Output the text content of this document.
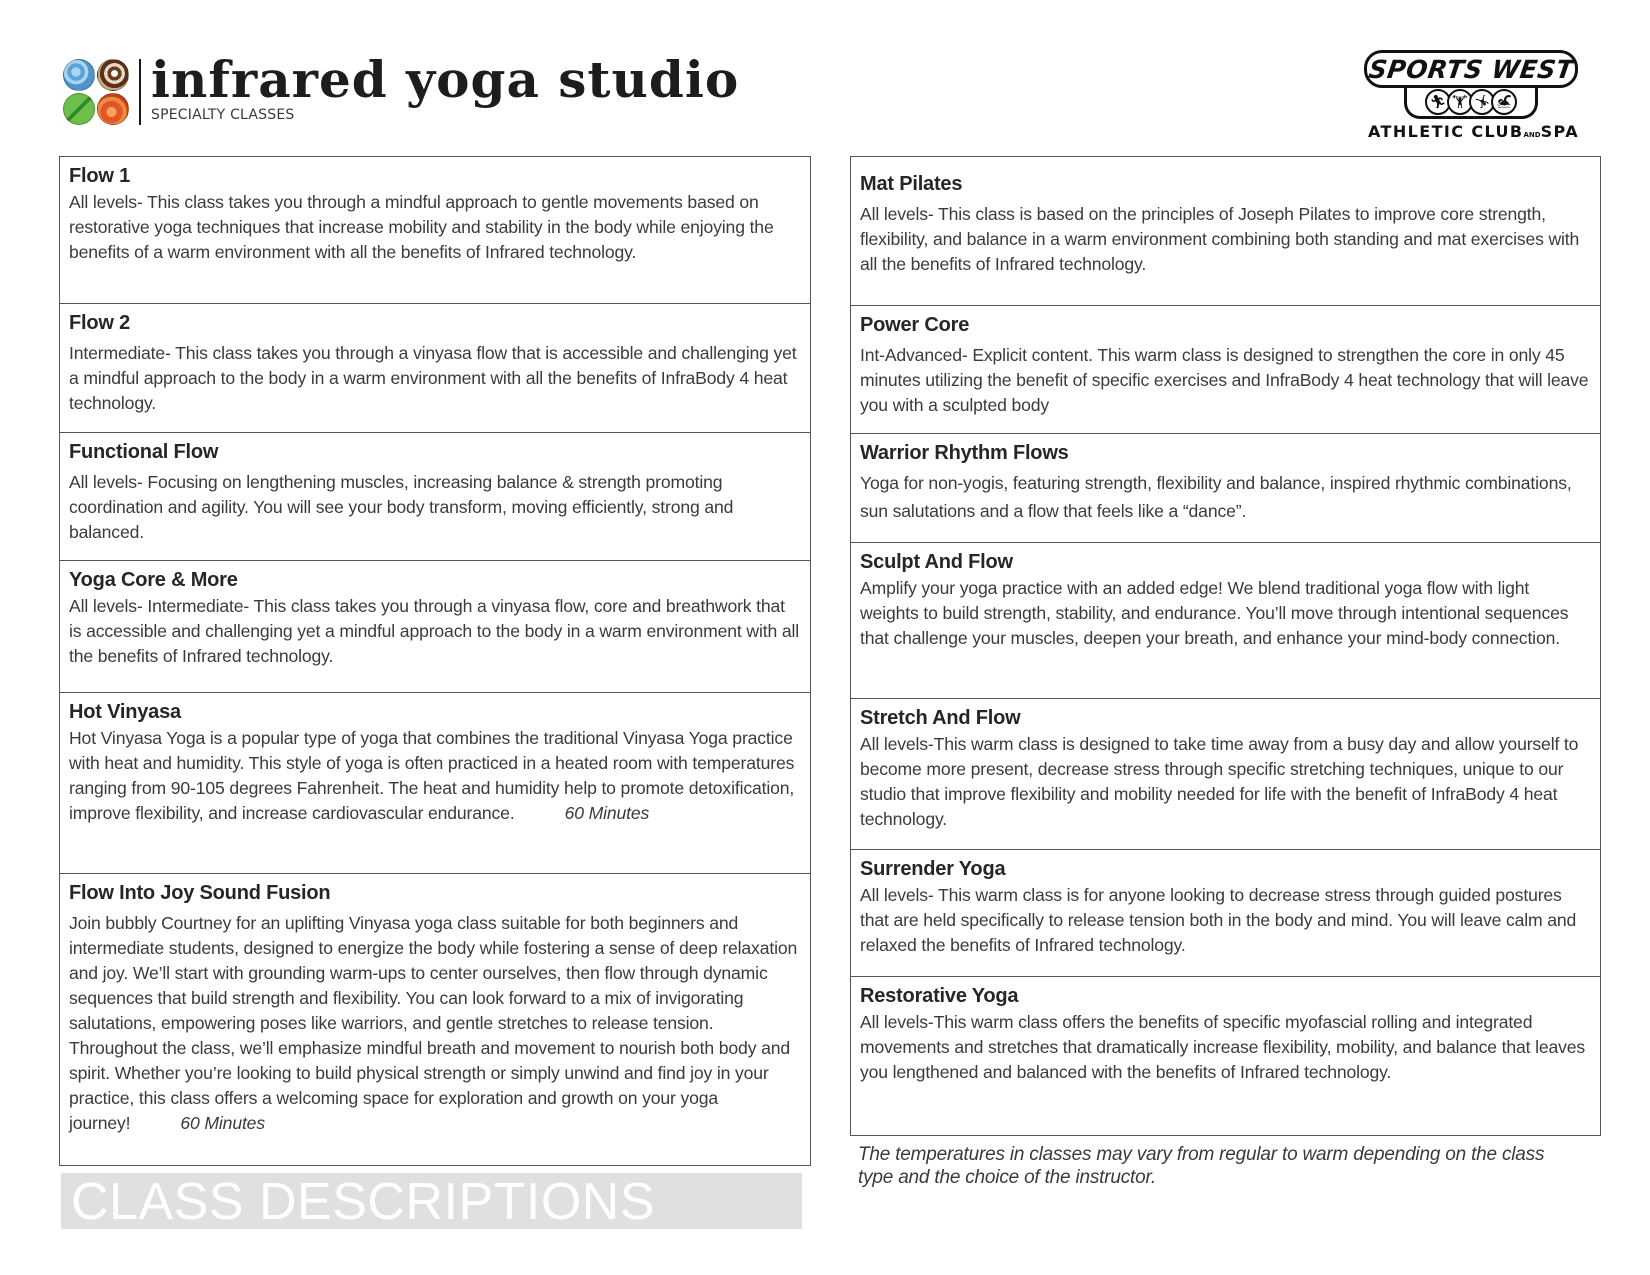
infrared yoga studio
SPECIALTY CLASSES
SPORTS WEST
🏃︎ 🏋︎ 🤸︎ 🏊︎
ATHLETIC CLUBANDSPA
Flow 1
All levels- This class takes you through a mindful approach to gentle movements based on restorative yoga techniques that increase mobility and stability in the body while enjoying the benefits of a warm environment with all the benefits of Infrared technology.
Flow 2
Intermediate- This class takes you through a vinyasa flow that is accessible and challenging yet a mindful approach to the body in a warm environment with all the benefits of InfraBody 4 heat technology.
Functional Flow
All levels- Focusing on lengthening muscles, increasing balance & strength promoting coordination and agility. You will see your body transform, moving efficiently, strong and balanced.
Yoga Core & More
All levels- Intermediate- This class takes you through a vinyasa flow, core and breathwork that is accessible and challenging yet a mindful approach to the body in a warm environment with all the benefits of Infrared technology.
Hot Vinyasa
Hot Vinyasa Yoga is a popular type of yoga that combines the traditional Vinyasa Yoga practice with heat and humidity. This style of yoga is often practiced in a heated room with temperatures ranging from 90-105 degrees Fahrenheit. The heat and humidity help to promote detoxification, improve flexibility, and increase cardiovascular endurance.	60 Minutes
Flow Into Joy Sound Fusion
Join bubbly Courtney for an uplifting Vinyasa yoga class suitable for both beginners and intermediate students, designed to energize the body while fostering a sense of deep relaxation and joy. We’ll start with grounding warm-ups to center ourselves, then flow through dynamic sequences that build strength and flexibility. You can look forward to a mix of invigorating salutations, empowering poses like warriors, and gentle stretches to release tension. Throughout the class, we’ll emphasize mindful breath and movement to nourish both body and spirit. Whether you’re looking to build physical strength or simply unwind and find joy in your practice, this class offers a welcoming space for exploration and growth on your yoga journey!	60 Minutes
Mat Pilates
All levels- This class is based on the principles of Joseph Pilates to improve core strength, flexibility, and balance in a warm environment combining both standing and mat exercises with all the benefits of Infrared technology.
Power Core
Int-Advanced- Explicit content. This warm class is designed to strengthen the core in only 45 minutes utilizing the benefit of specific exercises and InfraBody 4 heat technology that will leave you with a sculpted body
Warrior Rhythm Flows
Yoga for non-yogis, featuring strength, flexibility and balance, inspired rhythmic combinations, sun salutations and a flow that feels like a “dance”.
Sculpt And Flow
Amplify your yoga practice with an added edge! We blend traditional yoga flow with light weights to build strength, stability, and endurance. You’ll move through intentional sequences that challenge your muscles, deepen your breath, and enhance your mind-body connection.
Stretch And Flow
All levels-This warm class is designed to take time away from a busy day and allow yourself to become more present, decrease stress through specific stretching techniques, unique to our studio that improve flexibility and mobility needed for life with the benefit of InfraBody 4 heat technology.
Surrender Yoga
All levels- This warm class is for anyone looking to decrease stress through guided postures that are held specifically to release tension both in the body and mind. You will leave calm and relaxed the benefits of Infrared technology.
Restorative Yoga
All levels-This warm class offers the benefits of specific myofascial rolling and integrated movements and stretches that dramatically increase flexibility, mobility, and balance that leaves you lengthened and balanced with the benefits of Infrared technology.
CLASS DESCRIPTIONS
The temperatures in classes may vary from regular to warm depending on the class type and the choice of the instructor.
